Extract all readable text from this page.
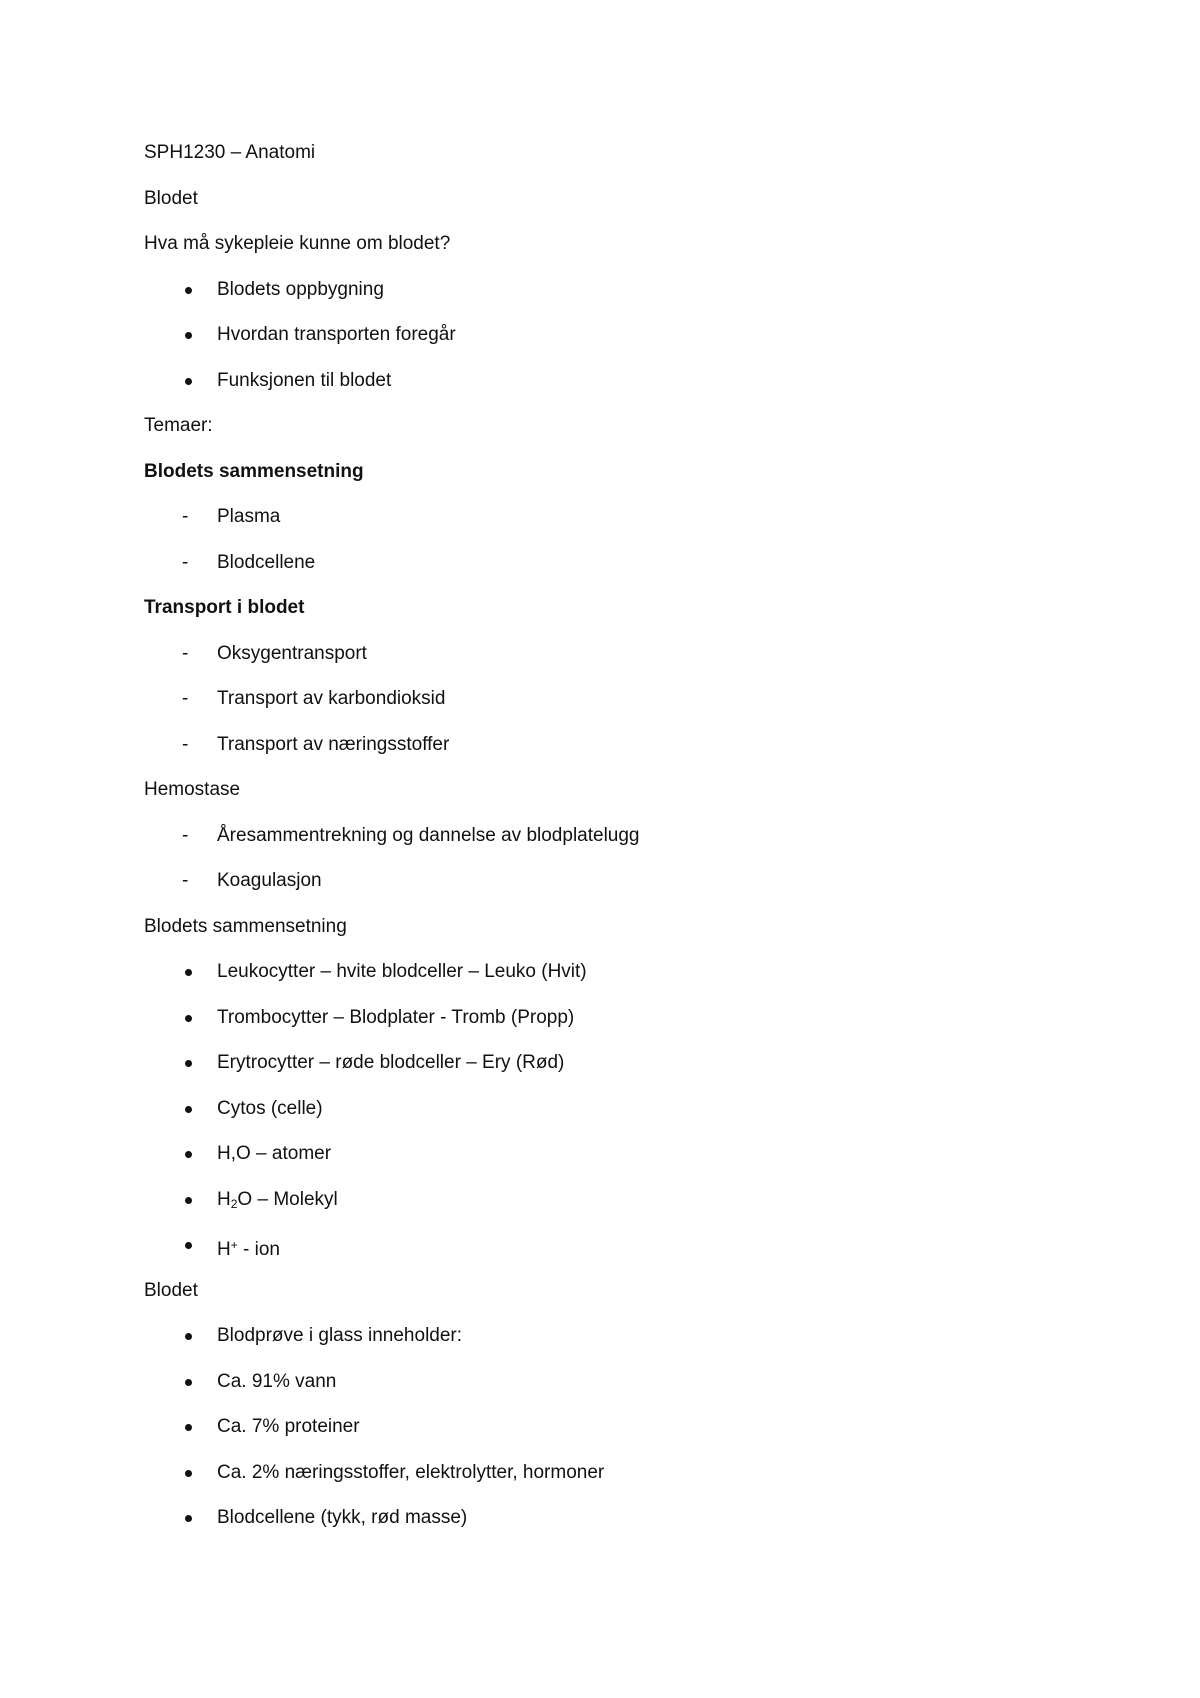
SPH1230 – Anatomi
Blodet
Hva må sykepleie kunne om blodet?
Blodets oppbygning
Hvordan transporten foregår
Funksjonen til blodet
Temaer:
Blodets sammensetning
- Plasma
- Blodcellene
Transport i blodet
- Oksygentransport
- Transport av karbondioksid
- Transport av næringsstoffer
Hemostase
- Åresammentrekning og dannelse av blodplatelugg
- Koagulasjon
Blodets sammensetning
Leukocytter – hvite blodceller – Leuko (Hvit)
Trombocytter – Blodplater - Tromb (Propp)
Erytrocytter – røde blodceller – Ery (Rød)
Cytos (celle)
H,O – atomer
$H_2O$ – Molekyl
H+ - ion
Blodet
Blodprøve i glass inneholder:
Ca. 91% vann
Ca. 7% proteiner
Ca. 2% næringsstoffer, elektrolytter, hormoner
Blodcellene (tykk, rød masse)
